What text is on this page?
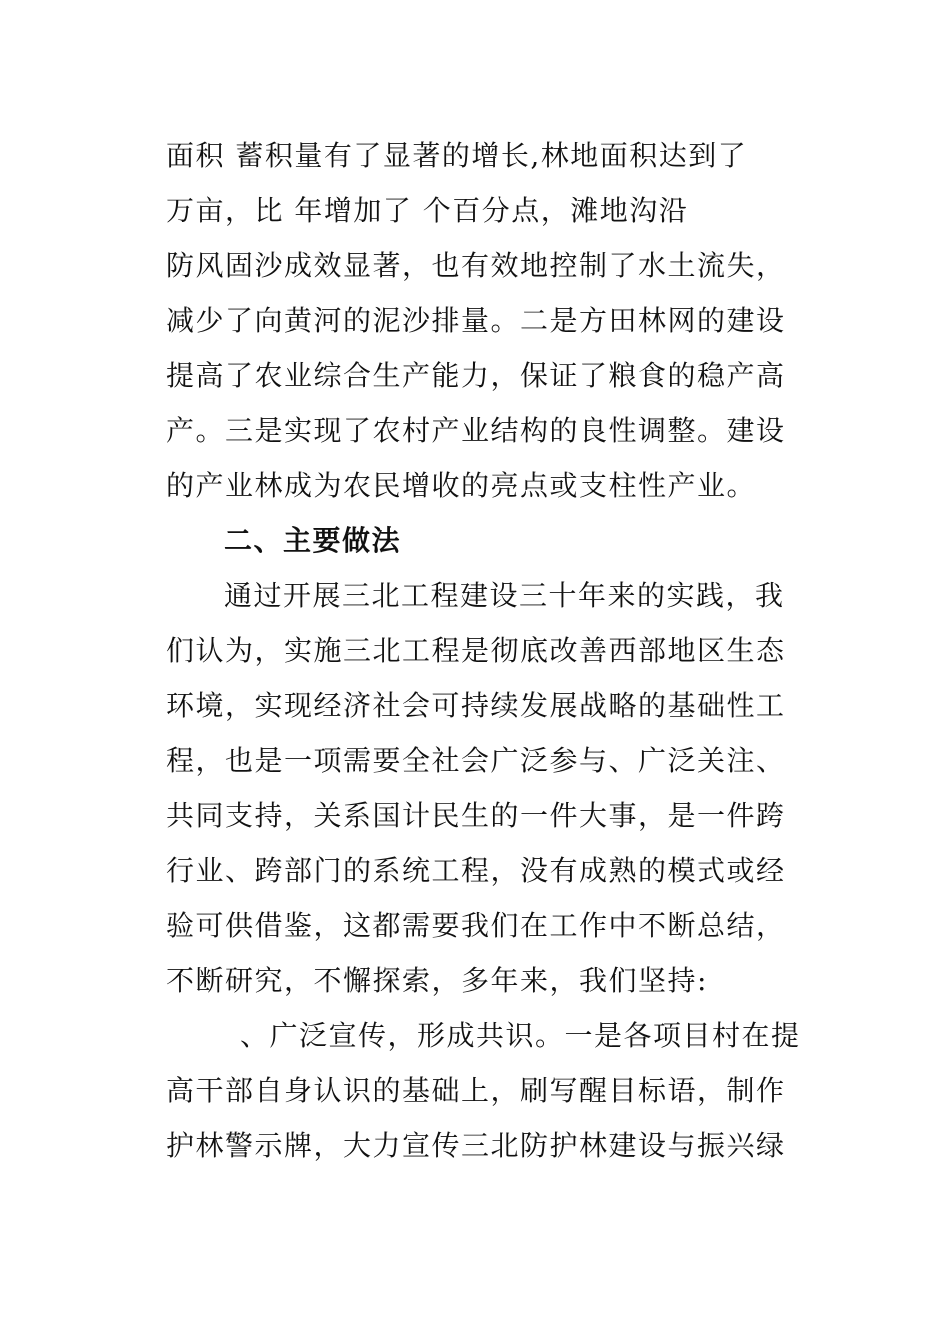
面积 蓄积量有了显著的增长,林地面积达到了
万亩，比 年增加了 个百分点，滩地沟沿
防风固沙成效显著，也有效地控制了水土流失，
减少了向黄河的泥沙排量。二是方田林网的建设
提高了农业综合生产能力，保证了粮食的稳产高
产。三是实现了农村产业结构的良性调整。建设
的产业林成为农民增收的亮点或支柱性产业。
二、主要做法
通过开展三北工程建设三十年来的实践，我
们认为，实施三北工程是彻底改善西部地区生态
环境，实现经济社会可持续发展战略的基础性工
程，也是一项需要全社会广泛参与、广泛关注、
共同支持，关系国计民生的一件大事，是一件跨
行业、跨部门的系统工程，没有成熟的模式或经
验可供借鉴，这都需要我们在工作中不断总结，
不断研究，不懈探索，多年来，我们坚持:
、广泛宣传，形成共识。一是各项目村在提
高干部自身认识的基础上，刷写醒目标语，制作
护林警示牌，大力宣传三北防护林建设与振兴绿
